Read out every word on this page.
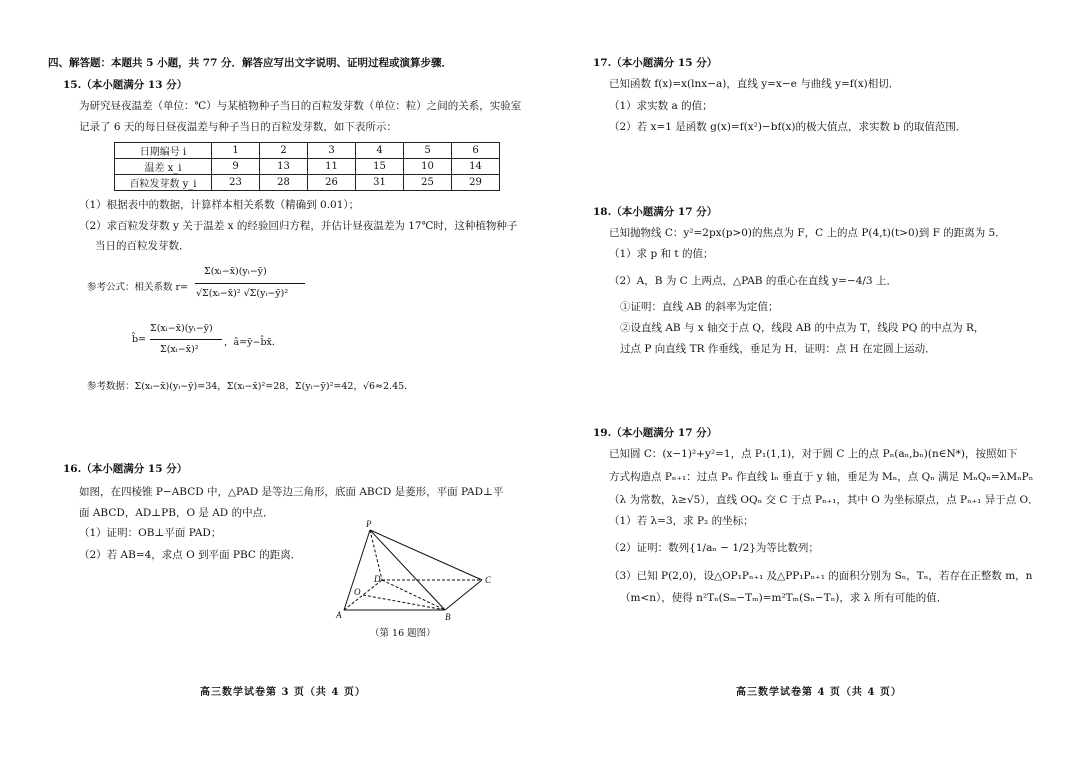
四、解答题：本题共 5 小题，共 77 分．解答应写出文字说明、证明过程或演算步骤．
15.（本小题满分 13 分）
为研究昼夜温差（单位：℃）与某植物种子当日的百粒发芽数（单位：粒）之间的关系，实验室
记录了 6 天的每日昼夜温差与种子当日的百粒发芽数，如下表所示：
日期编号 i	1	2	3	4	5	6
温差 x_i	9	13	11	15	10	14
百粒发芽数 y_i	23	28	26	31	25	29
（1）根据表中的数据，计算样本相关系数（精确到 0.01）；
（2）求百粒发芽数 y 关于温差 x 的经验回归方程，并估计昼夜温差为 17℃时，这种植物种子
当日的百粒发芽数．
参考公式：相关系数 r=
Σ(xᵢ−x̄)(yᵢ−ȳ)
√Σ(xᵢ−x̄)² √Σ(yᵢ−ȳ)²
b̂=
Σ(xᵢ−x̄)(yᵢ−ȳ)
Σ(xᵢ−x̄)²
，â=ȳ−b̂x̄．
参考数据：Σ(xᵢ−x̄)(yᵢ−ȳ)=34，Σ(xᵢ−x̄)²=28，Σ(yᵢ−ȳ)²=42，√6≈2.45．
16.（本小题满分 15 分）
如图，在四棱锥 P−ABCD 中，△PAD 是等边三角形，底面 ABCD 是菱形，平面 PAD⊥平
面 ABCD，AD⊥PB，O 是 AD 的中点．
（1）证明：OB⊥平面 PAD；
（2）若 AB=4，求点 O 到平面 PBC 的距离．
P
D	C
O
A	B
（第 16 题图）
高三数学试卷第 3 页（共 4 页）
17.（本小题满分 15 分）
已知函数 f(x)=x(lnx−a)，直线 y=x−e 与曲线 y=f(x)相切．
（1）求实数 a 的值；
（2）若 x=1 是函数 g(x)=f(x²)−bf(x)的极大值点，求实数 b 的取值范围．
18.（本小题满分 17 分）
已知抛物线 C：y²=2px(p>0)的焦点为 F，C 上的点 P(4,t)(t>0)到 F 的距离为 5．
（1）求 p 和 t 的值；
（2）A，B 为 C 上两点，△PAB 的重心在直线 y=−4/3 上．
①证明：直线 AB 的斜率为定值；
②设直线 AB 与 x 轴交于点 Q，线段 AB 的中点为 T，线段 PQ 的中点为 R，
过点 P 向直线 TR 作垂线，垂足为 H．证明：点 H 在定圆上运动．
19.（本小题满分 17 分）
已知圆 C：(x−1)²+y²=1，点 P₁(1,1)，对于圆 C 上的点 Pₙ(aₙ,bₙ)(n∈N*)，按照如下
方式构造点 Pₙ₊₁：过点 Pₙ 作直线 lₙ 垂直于 y 轴，垂足为 Mₙ，点 Qₙ 满足 MₙQₙ=λMₙPₙ
（λ 为常数，λ≥√5），直线 OQₙ 交 C 于点 Pₙ₊₁，其中 O 为坐标原点，点 Pₙ₊₁ 异于点 O．
（1）若 λ=3，求 P₂ 的坐标；
（2）证明：数列{1/aₙ − 1/2}为等比数列；
（3）已知 P(2,0)，设△OP₁Pₙ₊₁ 及△PP₁Pₙ₊₁ 的面积分别为 Sₙ，Tₙ，若存在正整数 m，n
（m<n），使得 n²Tₙ(Sₘ−Tₘ)=m²Tₘ(Sₙ−Tₙ)，求 λ 所有可能的值．
高三数学试卷第 4 页（共 4 页）
